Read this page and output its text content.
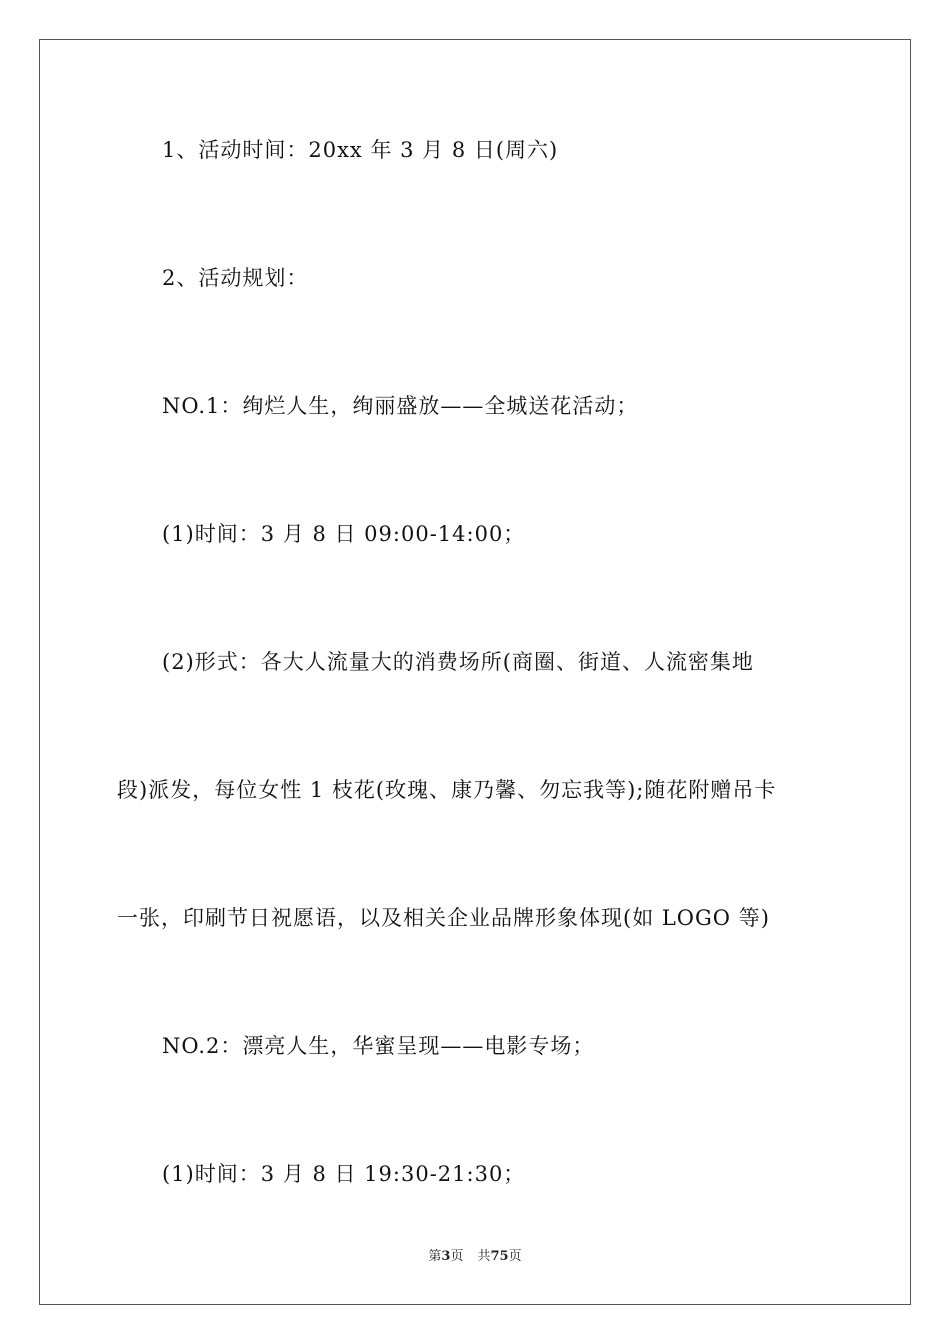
1、活动时间：20xx 年 3 月 8 日(周六)
2、活动规划：
NO.1：绚烂人生，绚丽盛放——全城送花活动；
(1)时间：3 月 8 日 09:00-14:00；
(2)形式：各大人流量大的消费场所(商圈、街道、人流密集地
段)派发，每位女性 1 枝花(玫瑰、康乃馨、勿忘我等);随花附赠吊卡
一张，印刷节日祝愿语，以及相关企业品牌形象体现(如 LOGO 等)
NO.2：漂亮人生，华蜜呈现——电影专场；
(1)时间：3 月 8 日 19:30-21:30；
第3页 共75页
